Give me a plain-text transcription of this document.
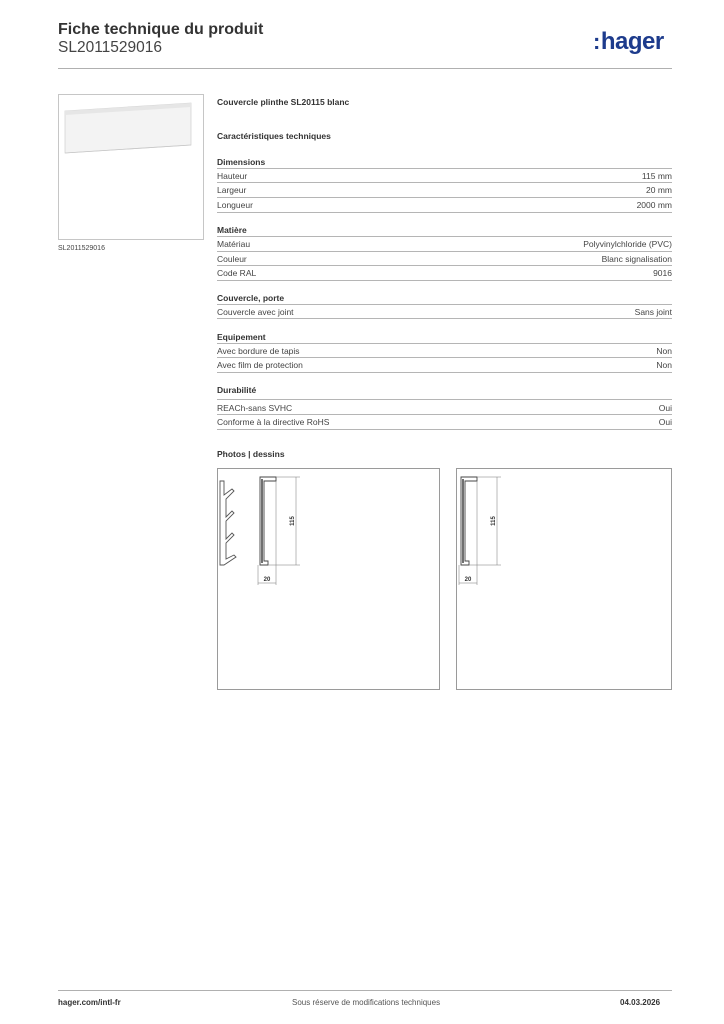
Fiche technique du produit
SL2011529016	:hager
SL2011529016
Couvercle plinthe SL20115 blanc
Caractéristiques techniques
Dimensions
Hauteur	115 mm
Largeur	20 mm
Longueur	2000 mm
Matière
Matériau	Polyvinylchloride (PVC)
Couleur	Blanc signalisation
Code RAL	9016
Couvercle, porte
Couvercle avec joint	Sans joint
Equipement
Avec bordure de tapis	Non
Avec film de protection	Non
Durabilité
REACh-sans SVHC	Oui
Conforme à la directive RoHS	Oui
Photos | dessins
115
20
115
20
hager.com/intl-fr	Sous réserve de modifications techniques	04.03.2026
